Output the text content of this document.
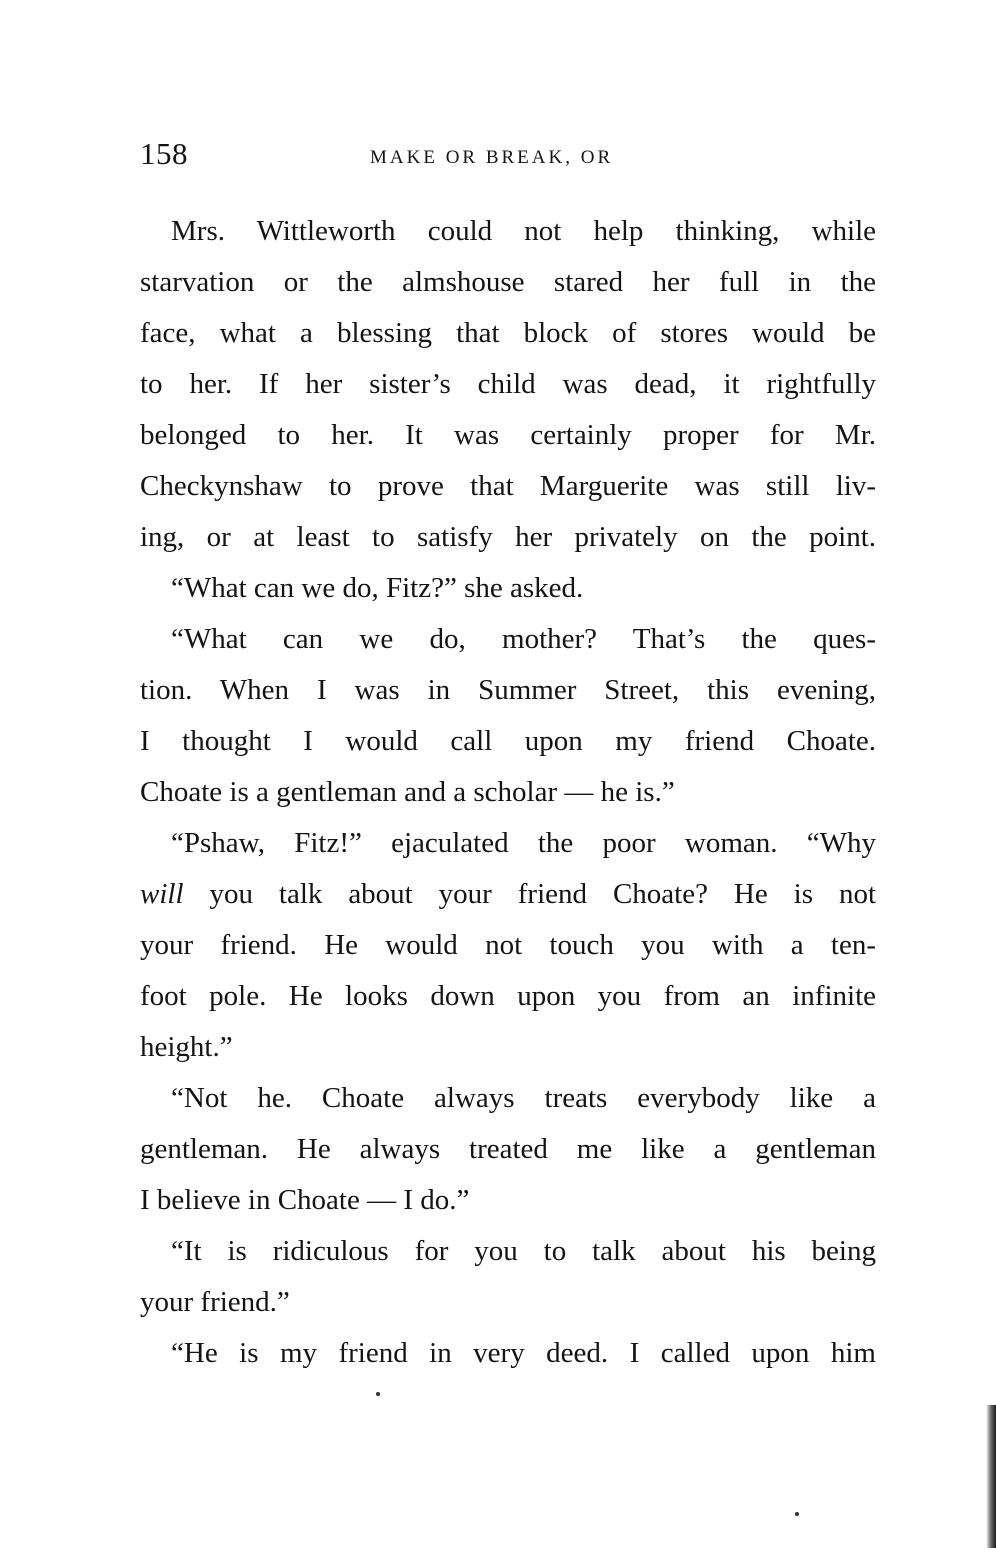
158	MAKE OR BREAK, OR
Mrs. Wittleworth could not help thinking, while
starvation or the almshouse stared her full in the
face, what a blessing that block of stores would be
to her. If her sister’s child was dead, it rightfully
belonged to her. It was certainly proper for Mr.
Checkynshaw to prove that Marguerite was still liv-
ing, or at least to satisfy her privately on the point.
“What can we do, Fitz?” she asked.
“What can we do, mother? That’s the ques-
tion. When I was in Summer Street, this evening,
I thought I would call upon my friend Choate.
Choate is a gentleman and a scholar — he is.”
“Pshaw, Fitz!” ejaculated the poor woman. “Why
will you talk about your friend Choate? He is not
your friend. He would not touch you with a ten-
foot pole. He looks down upon you from an infinite
height.”
“Not he. Choate always treats everybody like a
gentleman. He always treated me like a gentleman
I believe in Choate — I do.”
“It is ridiculous for you to talk about his being
your friend.”
“He is my friend in very deed. I called upon him
